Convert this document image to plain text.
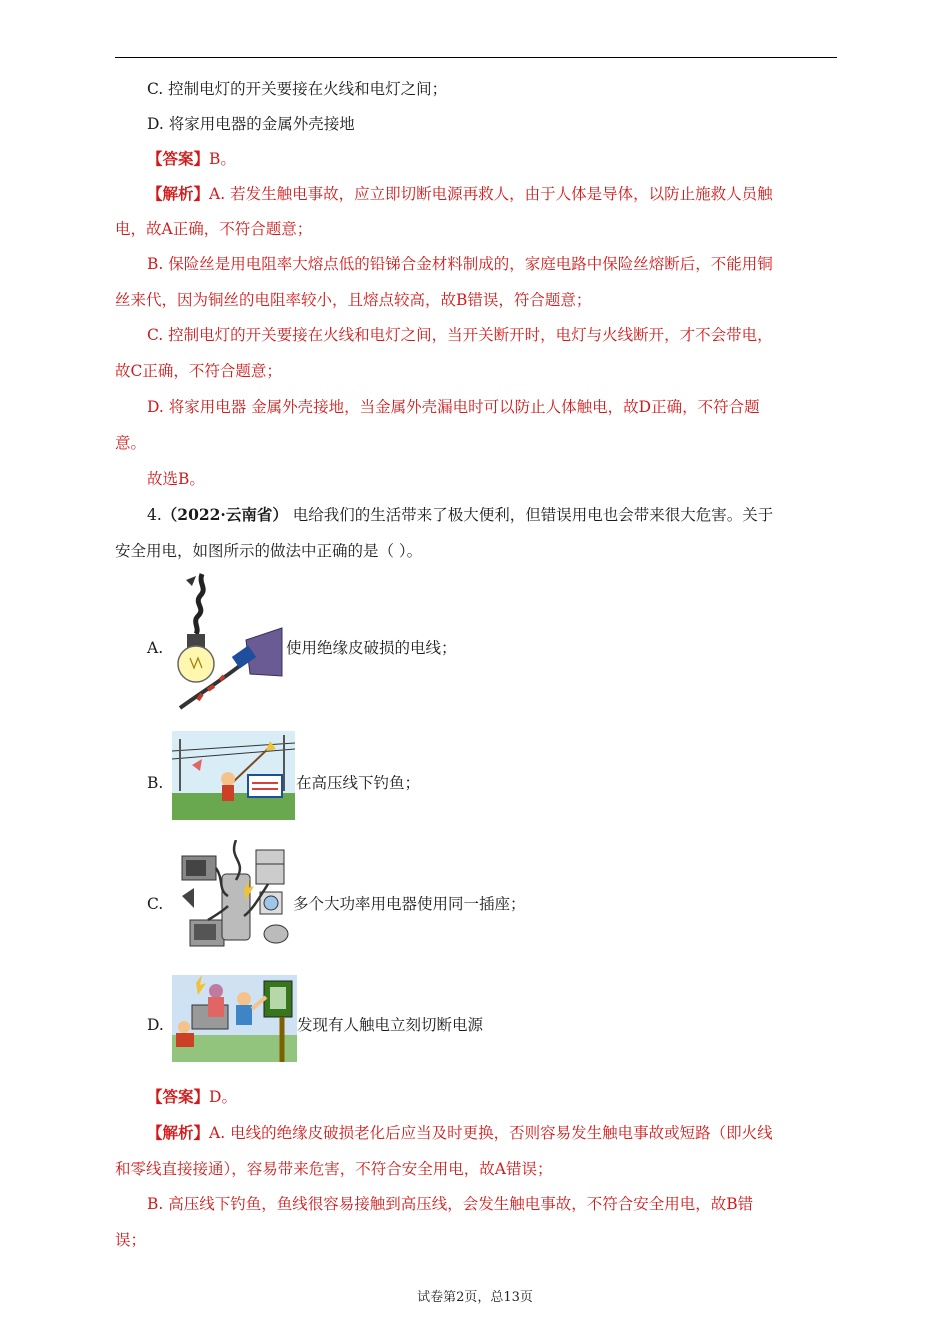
C. 控制电灯的开关要接在火线和电灯之间；
D. 将家用电器的金属外壳接地
【答案】B。
【解析】A. 若发生触电事故，应立即切断电源再救人，由于人体是导体，以防止施救人员触
电，故A正确，不符合题意；
B. 保险丝是用电阻率大熔点低的铅锑合金材料制成的，家庭电路中保险丝熔断后，不能用铜
丝来代，因为铜丝的电阻率较小，且熔点较高，故B错误，符合题意；
C. 控制电灯的开关要接在火线和电灯之间，当开关断开时，电灯与火线断开，才不会带电，
故C正确，不符合题意；
D. 将家用电器 金属外壳接地，当金属外壳漏电时可以防止人体触电，故D正确，不符合题
意。
故选B。
4.（2022·云南省） 电给我们的生活带来了极大便利，但错误用电也会带来很大危害。关于
安全用电，如图所示的做法中正确的是（ ）。
A.	使用绝缘皮破损的电线；
B.	在高压线下钓鱼；
C.	多个大功率用电器使用同一插座；
D.	发现有人触电立刻切断电源
【答案】D。
【解析】A. 电线的绝缘皮破损老化后应当及时更换，否则容易发生触电事故或短路（即火线
和零线直接接通），容易带来危害，不符合安全用电，故A错误；
B. 高压线下钓鱼，鱼线很容易接触到高压线，会发生触电事故，不符合安全用电，故B错
误；
试卷第2页，总13页
